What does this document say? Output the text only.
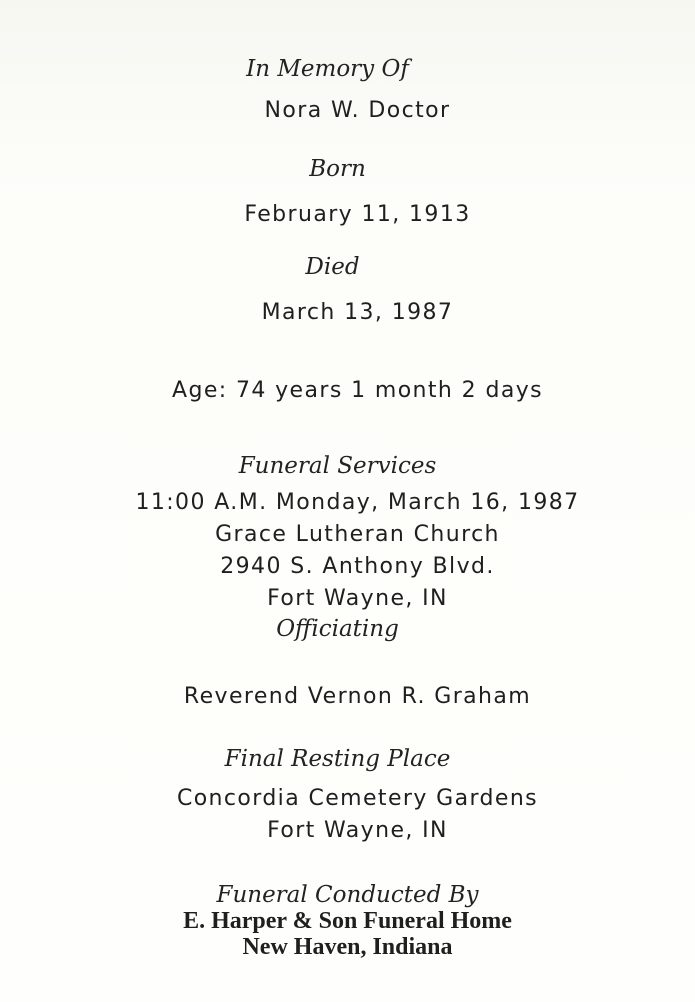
In Memory Of
Nora W. Doctor
Born
February 11, 1913
Died
March 13, 1987
Age: 74 years 1 month 2 days
Funeral Services
11:00 A.M. Monday, March 16, 1987
Grace Lutheran Church
2940 S. Anthony Blvd.
Fort Wayne, IN
Officiating
Reverend Vernon R. Graham
Final Resting Place
Concordia Cemetery Gardens
Fort Wayne, IN
Funeral Conducted By
E. Harper & Son Funeral Home
New Haven, Indiana
